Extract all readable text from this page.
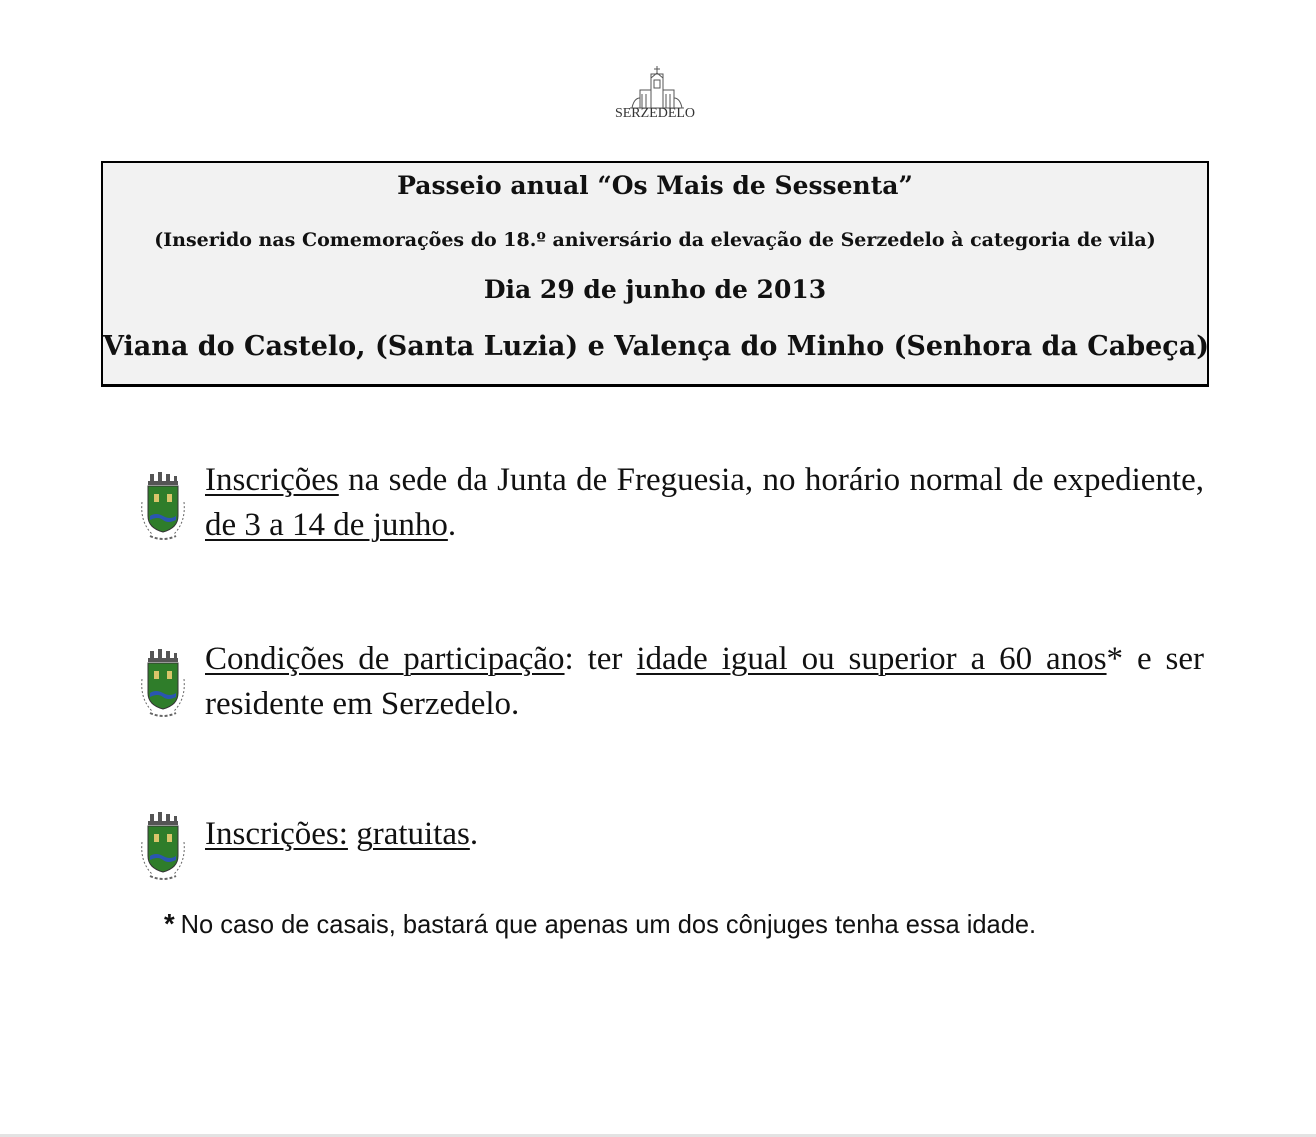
SERZEDELO
Passeio anual “Os Mais de Sessenta”
(Inserido nas Comemorações do 18.º aniversário da elevação de Serzedelo à categoria de vila)
Dia 29 de junho de 2013
Viana do Castelo, (Santa Luzia) e Valença do Minho (Senhora da Cabeça)
Inscrições na sede da Junta de Freguesia, no horário normal de expediente, de 3 a 14 de junho.
Condições de participação: ter idade igual ou superior a 60 anos* e ser residente em Serzedelo.
Inscrições: gratuitas.
* No caso de casais, bastará que apenas um dos cônjuges tenha essa idade.
